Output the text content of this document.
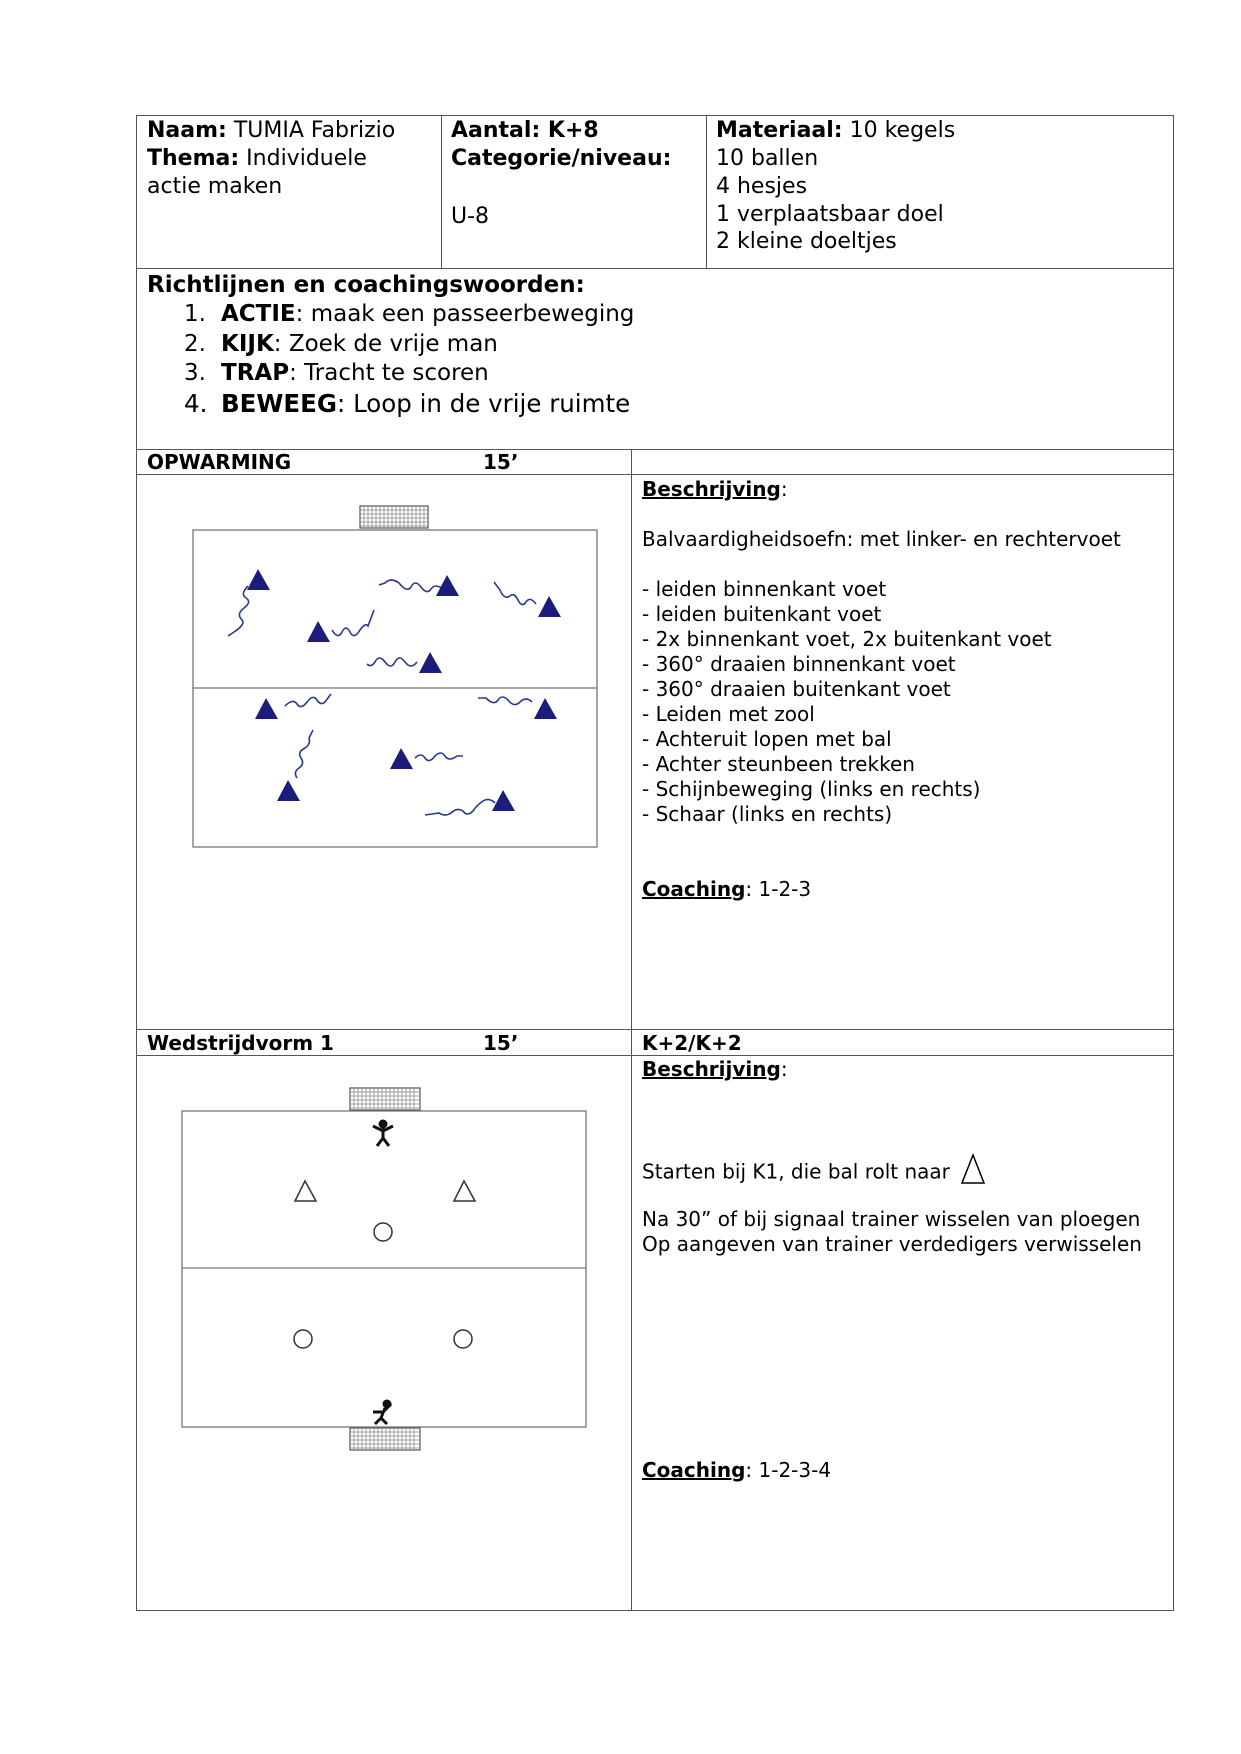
Naam: TUMIA Fabrizio
Thema: Individuele
actie maken
Aantal: K+8
Categorie/niveau:
U-8
Materiaal: 10 kegels
10 ballen
4 hesjes
1 verplaatsbaar doel
2 kleine doeltjes
Richtlijnen en coachingswoorden:
1. ACTIE: maak een passeerbeweging
2. KIJK: Zoek de vrije man
3. TRAP: Tracht te scoren
4. BEWEEG: Loop in de vrije ruimte
OPWARMING	15’
Beschrijving:
Balvaardigheidsoefn: met linker- en rechtervoet
- leiden binnenkant voet
- leiden buitenkant voet
- 2x binnenkant voet, 2x buitenkant voet
- 360° draaien binnenkant voet
- 360° draaien buitenkant voet
- Leiden met zool
- Achteruit lopen met bal
- Achter steunbeen trekken
- Schijnbeweging (links en rechts)
- Schaar (links en rechts)
Coaching: 1-2-3
Wedstrijdvorm 1	15’	K+2/K+2
Beschrijving:
Starten bij K1, die bal rolt naar
Na 30” of bij signaal trainer wisselen van ploegen
Op aangeven van trainer verdedigers verwisselen
Coaching: 1-2-3-4
